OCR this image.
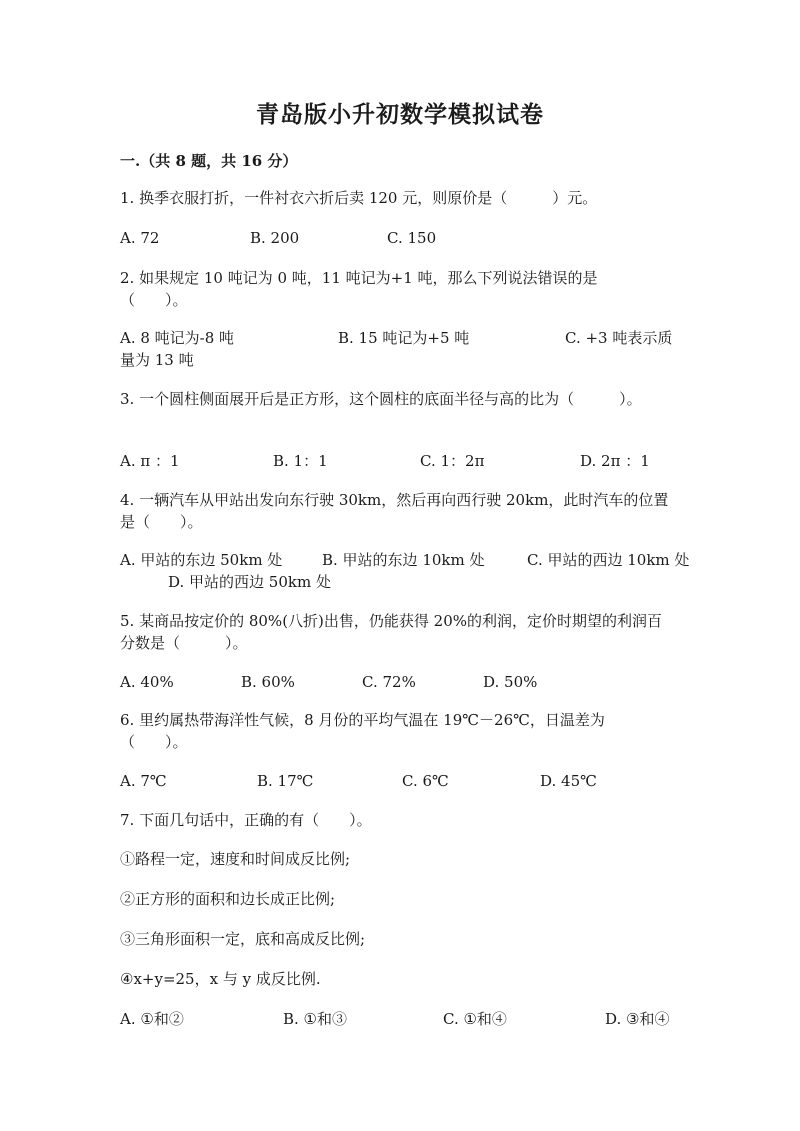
青岛版小升初数学模拟试卷
一.（共 8 题，共 16 分）
1. 换季衣服打折，一件衬衣六折后卖 120 元，则原价是（　　　）元。
A. 72	B. 200	C. 150
2. 如果规定 10 吨记为 0 吨，11 吨记为+1 吨，那么下列说法错误的是
（　　）。
A. 8 吨记为-8 吨	B. 15 吨记为+5 吨	C. +3 吨表示质
量为 13 吨
3. 一个圆柱侧面展开后是正方形，这个圆柱的底面半径与高的比为（　　　）。
A. π ：1	B. 1：1	C. 1：2π	D. 2π ：1
4. 一辆汽车从甲站出发向东行驶 30km，然后再向西行驶 20km，此时汽车的位置
是（　　）。
A. 甲站的东边 50km 处	B. 甲站的东边 10km 处	C. 甲站的西边 10km 处
D. 甲站的西边 50km 处
5. 某商品按定价的 80%(八折)出售，仍能获得 20%的利润，定价时期望的利润百
分数是（　　　）。
A. 40%	B. 60%	C. 72%	D. 50%
6. 里约属热带海洋性气候，8 月份的平均气温在 19℃－26℃，日温差为
（　　）。
A. 7℃	B. 17℃	C. 6℃	D. 45℃
7. 下面几句话中，正确的有（　　）。
①路程一定，速度和时间成反比例;
②正方形的面积和边长成正比例;
③三角形面积一定，底和高成反比例;
④x+y=25，x 与 y 成反比例.
A. ①和②	B. ①和③	C. ①和④	D. ③和④
